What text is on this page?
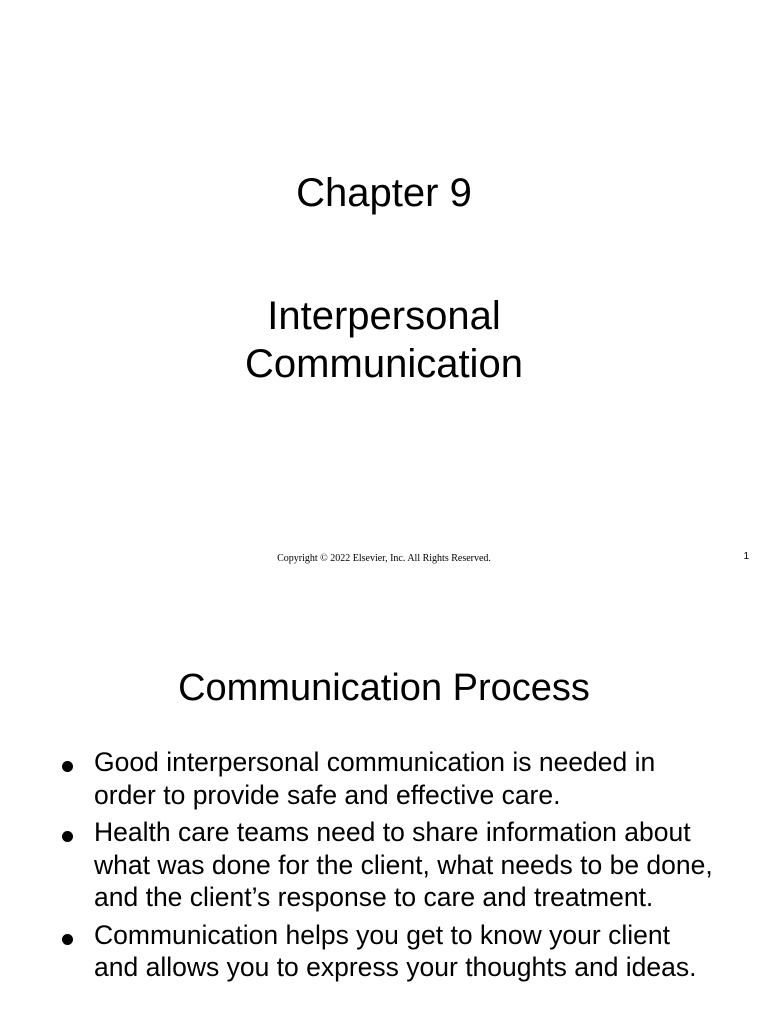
Chapter 9
Interpersonal
Communication
Copyright © 2022 Elsevier, Inc. All Rights Reserved.	1
Communication Process
Good interpersonal communication is needed in order to provide safe and effective care.
Health care teams need to share information about what was done for the client, what needs to be done, and the client’s response to care and treatment.
Communication helps you get to know your client and allows you to express your thoughts and ideas.
